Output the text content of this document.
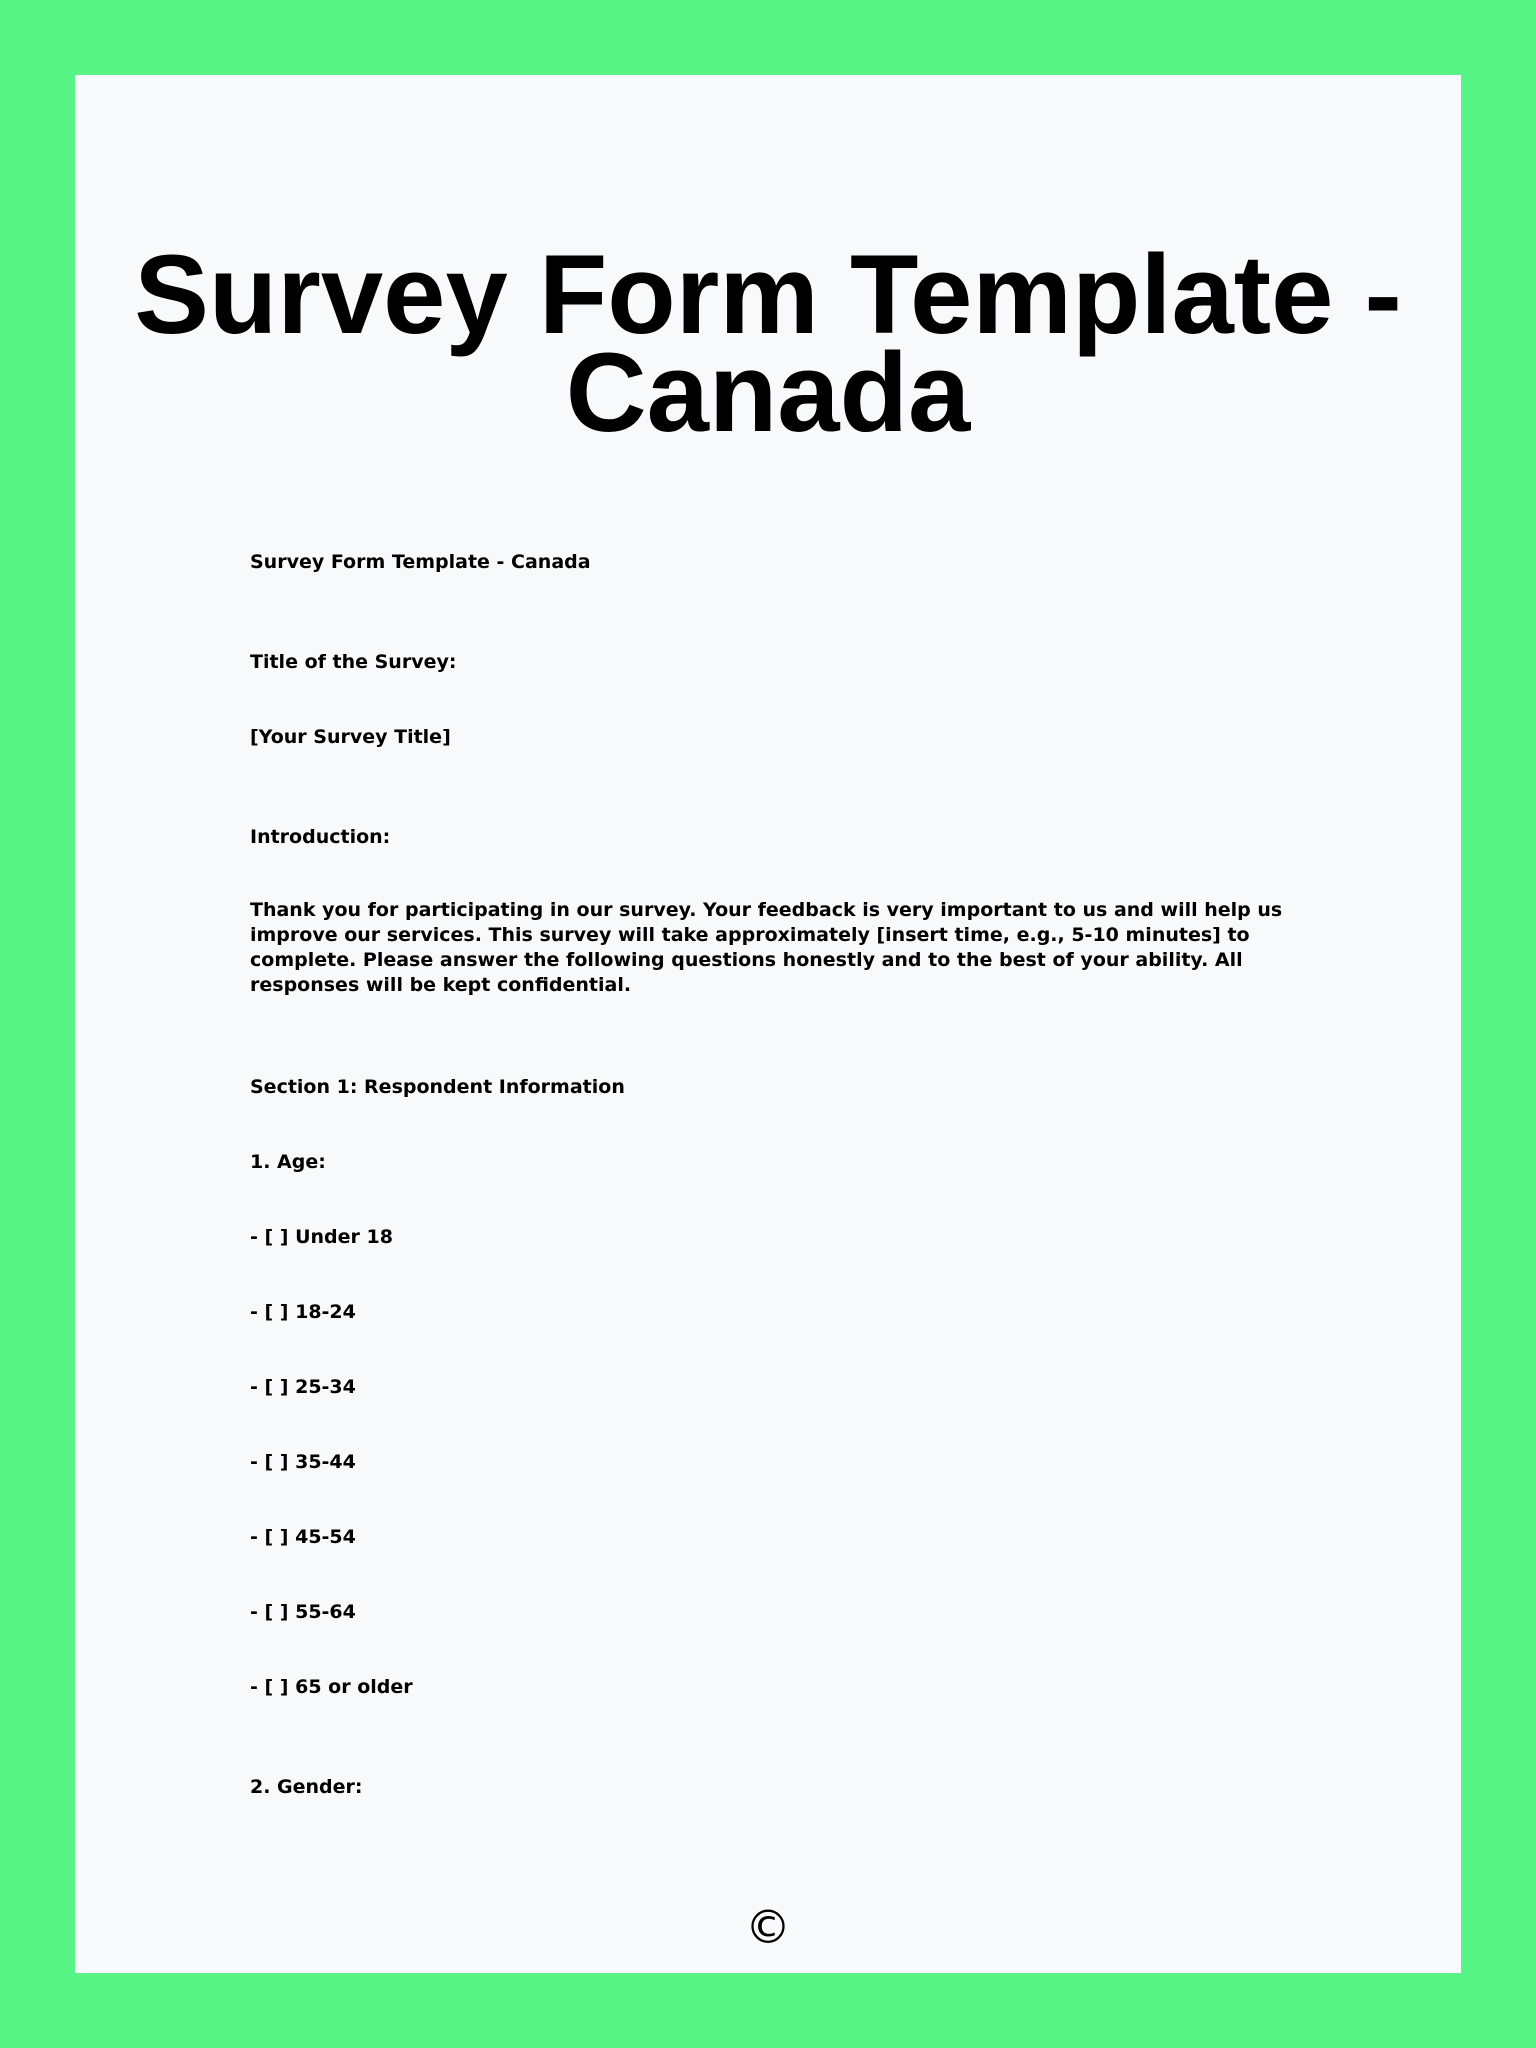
Survey Form Template - Canada

Survey Form Template - Canada

Title of the Survey:

[Your Survey Title]

Introduction:

Thank you for participating in our survey. Your feedback is very important to us and will help us improve our services. This survey will take approximately [insert time, e.g., 5-10 minutes] to complete. Please answer the following questions honestly and to the best of your ability. All responses will be kept confidential.

Section 1: Respondent Information

1. Age:

- [ ] Under 18

- [ ] 18-24

- [ ] 25-34

- [ ] 35-44

- [ ] 45-54

- [ ] 55-64

- [ ] 65 or older

2. Gender:

©
